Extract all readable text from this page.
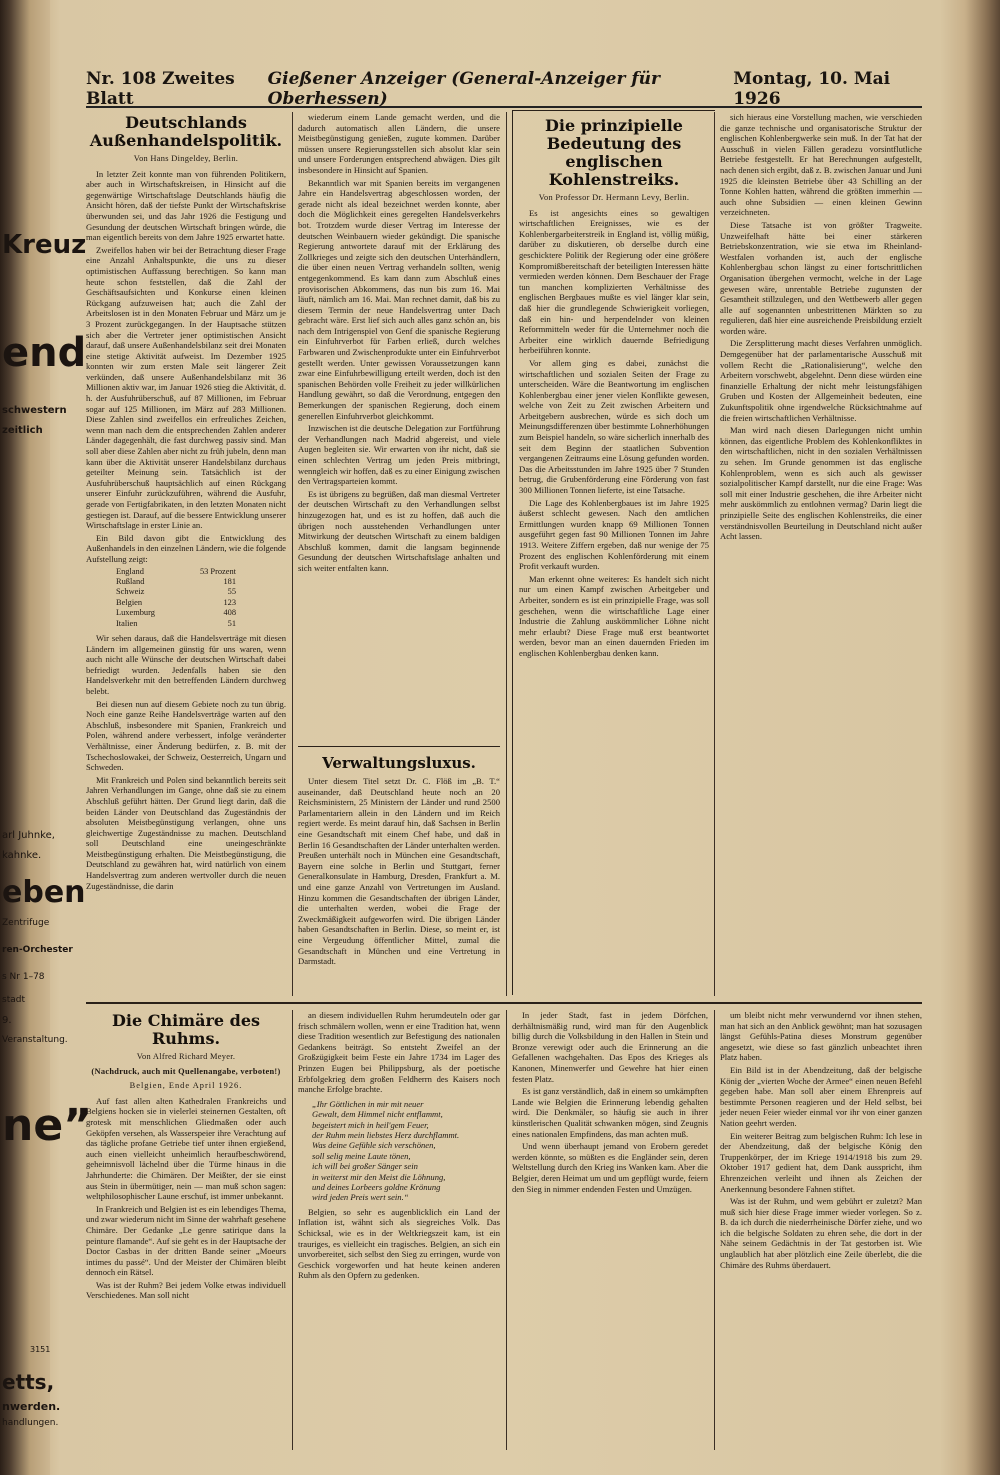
Kreuz
end
schwestern
zeitlich
arl Juhnke,
kahnke.
eben
Zentrifuge
ren-Orchester
s Nr 1–78
stadt
9.
Veranstaltung.
ne”
etts,
nwerden.
handlungen.
3151
Nr. 108 Zweites Blatt
Gießener Anzeiger (General-Anzeiger für Oberhessen)
Montag, 10. Mai 1926
Deutschlands Außenhandelspolitik.
Von Hans Dingeldey, Berlin.

In letzter Zeit konnte man von führenden Politikern, aber auch in Wirtschaftskreisen, in Hinsicht auf die gegenwärtige Wirtschaftslage Deutschlands häufig die Ansicht hören, daß der tiefste Punkt der Wirtschaftskrise überwunden sei, und das Jahr 1926 die Festigung und Gesundung der deutschen Wirtschaft bringen würde, die man eigentlich bereits von dem Jahre 1925 erwartet hatte.

Zweifellos haben wir bei der Betrachtung dieser Frage eine Anzahl Anhaltspunkte, die uns zu dieser optimistischen Auffassung berechtigen. So kann man heute schon feststellen, daß die Zahl der Geschäftsaufsichten und Konkurse einen kleinen Rückgang aufzuweisen hat; auch die Zahl der Arbeitslosen ist in den Monaten Februar und März um je 3 Prozent zurückgegangen. In der Hauptsache stützen sich aber die Vertreter jener optimistischen Ansicht darauf, daß unsere Außenhandelsbilanz seit drei Monaten eine stetige Aktivität aufweist. Im Dezember 1925 konnten wir zum ersten Male seit längerer Zeit verkünden, daß unsere Außenhandelsbilanz mit 36 Millionen aktiv war, im Januar 1926 stieg die Aktivität, d. h. der Ausfuhrüberschuß, auf 87 Millionen, im Februar sogar auf 125 Millionen, im März auf 283 Millionen. Diese Zahlen sind zweifellos ein erfreuliches Zeichen, wenn man nach dem die entsprechenden Zahlen anderer Länder dagegenhält, die fast durchweg passiv sind. Man soll aber diese Zahlen aber nicht zu früh jubeln, denn man kann über die Aktivität unserer Handelsbilanz durchaus geteilter Meinung sein. Tatsächlich ist der Ausfuhrüberschuß hauptsächlich auf einen Rückgang unserer Einfuhr zurückzuführen, während die Ausfuhr, gerade von Fertigfabrikaten, in den letzten Monaten nicht gestiegen ist. Darauf, auf die bessere Entwicklung unserer Wirtschaftslage in erster Linie an.

Ein Bild davon gibt die Entwicklung des Außenhandels in den einzelnen Ländern, wie die folgende Aufstellung zeigt:

England	53 Prozent
Rußland	181
Schweiz	55
Belgien	123
Luxemburg	408
Italien	51

Wir sehen daraus, daß die Handelsverträge mit diesen Ländern im allgemeinen günstig für uns waren, wenn auch nicht alle Wünsche der deutschen Wirtschaft dabei befriedigt wurden. Jedenfalls haben sie den Handelsverkehr mit den betreffenden Ländern durchweg belebt.

Bei diesen nun auf diesem Gebiete noch zu tun übrig. Noch eine ganze Reihe Handelsverträge warten auf den Abschluß, insbesondere mit Spanien, Frankreich und Polen, während andere verbessert, infolge veränderter Verhältnisse, einer Änderung bedürfen, z. B. mit der Tschechoslowakei, der Schweiz, Oesterreich, Ungarn und Schweden.

Mit Frankreich und Polen sind bekanntlich bereits seit Jahren Verhandlungen im Gange, ohne daß sie zu einem Abschluß geführt hätten. Der Grund liegt darin, daß die beiden Länder von Deutschland das Zugeständnis der absoluten Meistbegünstigung verlangen, ohne uns gleichwertige Zugeständnisse zu machen. Deutschland soll Deutschland eine uneingeschränkte Meistbegünstigung erhalten. Die Meistbegünstigung, die Deutschland zu gewähren hat, wird natürlich von einem Handelsvertrag zum anderen wertvoller durch die neuen Zugeständnisse, die darin

wiederum einem Lande gemacht werden, und die dadurch automatisch allen Ländern, die unsere Meistbegünstigung genießen, zugute kommen. Darüber müssen unsere Regierungsstellen sich absolut klar sein und unsere Forderungen entsprechend abwägen. Dies gilt insbesondere in Hinsicht auf Spanien.

Bekanntlich war mit Spanien bereits im vergangenen Jahre ein Handelsvertrag abgeschlossen worden, der gerade nicht als ideal bezeichnet werden konnte, aber doch die Möglichkeit eines geregelten Handelsverkehrs bot. Trotzdem wurde dieser Vertrag im Interesse der deutschen Weinbauern wieder gekündigt. Die spanische Regierung antwortete darauf mit der Erklärung des Zollkrieges und zeigte sich den deutschen Unterhändlern, die über einen neuen Vertrag verhandeln sollten, wenig entgegenkommend. Es kam dann zum Abschluß eines provisorischen Abkommens, das nun bis zum 16. Mai läuft, nämlich am 16. Mai. Man rechnet damit, daß bis zu diesem Termin der neue Handelsvertrag unter Dach gebracht wäre. Erst lief sich auch alles ganz schön an, bis nach dem Intrigenspiel von Genf die spanische Regierung ein Einfuhrverbot für Farben erließ, durch welches Farbwaren und Zwischenprodukte unter ein Einfuhrverbot gestellt werden. Unter gewissen Voraussetzungen kann zwar eine Einfuhrbewilligung erteilt werden, doch ist den spanischen Behörden volle Freiheit zu jeder willkürlichen Handlung gewährt, so daß die Verordnung, entgegen den Bemerkungen der spanischen Regierung, doch einem generellen Einfuhrverbot gleichkommt.

Inzwischen ist die deutsche Delegation zur Fortführung der Verhandlungen nach Madrid abgereist, und viele Augen begleiten sie. Wir erwarten von ihr nicht, daß sie einen schlechten Vertrag um jeden Preis mitbringt, wenngleich wir hoffen, daß es zu einer Einigung zwischen den Vertragsparteien kommt.

Es ist übrigens zu begrüßen, daß man diesmal Vertreter der deutschen Wirtschaft zu den Verhandlungen selbst hinzugezogen hat, und es ist zu hoffen, daß auch die übrigen noch ausstehenden Verhandlungen unter Mitwirkung der deutschen Wirtschaft zu einem baldigen Abschluß kommen, damit die langsam beginnende Gesundung der deutschen Wirtschaftslage anhalten und sich weiter entfalten kann.

Verwaltungsluxus.

Unter diesem Titel setzt Dr. C. Flöß im „B. T.“ auseinander, daß Deutschland heute noch an 20 Reichsministern, 25 Ministern der Länder und rund 2500 Parlamentariern allein in den Ländern und im Reich regiert werde. Es meint darauf hin, daß Sachsen in Berlin eine Gesandtschaft mit einem Chef habe, und daß in Berlin 16 Gesandtschaften der Länder unterhalten werden. Preußen unterhält noch in München eine Gesandtschaft, Bayern eine solche in Berlin und Stuttgart, ferner Generalkonsulate in Hamburg, Dresden, Frankfurt a. M. und eine ganze Anzahl von Vertretungen im Ausland. Hinzu kommen die Gesandtschaften der übrigen Länder, die unterhalten werden, wobei die Frage der Zweckmäßigkeit aufgeworfen wird. Die übrigen Länder haben Gesandtschaften in Berlin. Diese, so meint er, ist eine Vergeudung öffentlicher Mittel, zumal die Gesandtschaft in München und eine Vertretung in Darmstadt.

Die prinzipielle Bedeutung des englischen Kohlenstreiks.
Von Professor Dr. Hermann Levy, Berlin.

Es ist angesichts eines so gewaltigen wirtschaftlichen Ereignisses, wie es der Kohlenbergarbeiterstreik in England ist, völlig müßig, darüber zu diskutieren, ob derselbe durch eine geschicktere Politik der Regierung oder eine größere Kompromißbereitschaft der beteiligten Interessen hätte vermieden werden können. Dem Beschauer der Frage tun manchen komplizierten Verhältnisse des englischen Bergbaues mußte es viel länger klar sein, daß hier die grundlegende Schwierigkeit vorliegen, daß ein hin- und herpendelnder von kleinen Reformmitteln weder für die Unternehmer noch die Arbeiter eine wirklich dauernde Befriedigung herbeiführen konnte.

Vor allem ging es dabei, zunächst die wirtschaftlichen und sozialen Seiten der Frage zu unterscheiden. Wäre die Beantwortung im englischen Kohlenbergbau einer jener vielen Konflikte gewesen, welche von Zeit zu Zeit zwischen Arbeitern und Arbeitgebern ausbrechen, würde es sich doch um Meinungsdifferenzen über bestimmte Lohnerhöhungen zum Beispiel handeln, so wäre sicherlich innerhalb des seit dem Beginn der staatlichen Subvention vergangenen Zeitraums eine Lösung gefunden worden. Das die Arbeitsstunden im Jahre 1925 über 7 Stunden betrug, die Grubenförderung eine Förderung von fast 300 Millionen Tonnen lieferte, ist eine Tatsache.

Die Lage des Kohlenbergbaues ist im Jahre 1925 äußerst schlecht gewesen. Nach den amtlichen Ermittlungen wurden knapp 69 Millionen Tonnen ausgeführt gegen fast 90 Millionen Tonnen im Jahre 1913. Weitere Ziffern ergeben, daß nur wenige der 75 Prozent des englischen Kohlenförderung mit einem Profit verkauft wurden.

Man erkennt ohne weiteres: Es handelt sich nicht nur um einen Kampf zwischen Arbeitgeber und Arbeiter, sondern es ist ein prinzipielle Frage, was soll geschehen, wenn die wirtschaftliche Lage einer Industrie die Zahlung auskömmlicher Löhne nicht mehr erlaubt? Diese Frage muß erst beantwortet werden, bevor man an einen dauernden Frieden im englischen Kohlenbergbau denken kann.

sich hieraus eine Vorstellung machen, wie verschieden die ganze technische und organisatorische Struktur der englischen Kohlenbergwerke sein muß. In der Tat hat der Ausschuß in vielen Fällen geradezu vorsintflutliche Betriebe festgestellt. Er hat Berechnungen aufgestellt, nach denen sich ergibt, daß z. B. zwischen Januar und Juni 1925 die kleinsten Betriebe über 43 Schilling an der Tonne Kohlen hatten, während die größten immerhin — auch ohne Subsidien — einen kleinen Gewinn verzeichneten.

Diese Tatsache ist von größter Tragweite. Unzweifelhaft hätte bei einer stärkeren Betriebskonzentration, wie sie etwa im Rheinland-Westfalen vorhanden ist, auch der englische Kohlenbergbau schon längst zu einer fortschrittlichen Organisation übergehen vermocht, welche in der Lage gewesen wäre, unrentable Betriebe zugunsten der Gesamtheit stillzulegen, und den Wettbewerb aller gegen alle auf sogenannten unbestrittenen Märkten so zu regulieren, daß hier eine ausreichende Preisbildung erzielt worden wäre.

Die Zersplitterung macht dieses Verfahren unmöglich. Demgegenüber hat der parlamentarische Ausschuß mit vollem Recht die „Rationalisierung“, welche den Arbeitern vorschwebt, abgelehnt. Denn diese würden eine finanzielle Erhaltung der nicht mehr leistungsfähigen Gruben und Kosten der Allgemeinheit bedeuten, eine Zukunftspolitik ohne irgendwelche Rücksichtnahme auf die freien wirtschaftlichen Verhältnisse.

Man wird nach diesen Darlegungen nicht umhin können, das eigentliche Problem des Kohlenkonfliktes in den wirtschaftlichen, nicht in den sozialen Verhältnissen zu sehen. Im Grunde genommen ist das englische Kohlenproblem, wenn es sich auch als gewisser sozialpolitischer Kampf darstellt, nur die eine Frage: Was soll mit einer Industrie geschehen, die ihre Arbeiter nicht mehr auskömmlich zu entlohnen vermag? Darin liegt die prinzipielle Seite des englischen Kohlenstreiks, die einer verständnisvollen Beurteilung in Deutschland nicht außer Acht lassen.

Die Chimäre des Ruhms.
Von Alfred Richard Meyer.
(Nachdruck, auch mit Quellenangabe, verboten!)
Belgien, Ende April 1926.

Auf fast allen alten Kathedralen Frankreichs und Belgiens hocken sie in vielerlei steinernen Gestalten, oft grotesk mit menschlichen Gliedmaßen oder auch Geköpfen versehen, als Wasserspeier ihre Verachtung auf das tägliche profane Getriebe tief unter ihnen ergießend, auch einen vielleicht unheimlich heraufbeschwörend, geheimnisvoll lächelnd über die Türme hinaus in die Jahrhunderte: die Chimären. Der Meißter, der sie einst aus Stein in übermütiger, nein — man muß schon sagen: weltphilosophischer Laune erschuf, ist immer unbekannt.

In Frankreich und Belgien ist es ein lebendiges Thema, und zwar wiederum nicht im Sinne der wahrhaft gesehene Chimäre. Der Gedanke „Le genre satirique dans la peinture flamande“. Auf sie geht es in der Hauptsache der Doctor Casbas in der dritten Bande seiner „Moeurs intimes du passé“. Und der Meister der Chimären bleibt dennoch ein Rätsel.

Was ist der Ruhm? Bei jedem Volke etwas individuell Verschiedenes. Man soll nicht

an diesem individuellen Ruhm herumdeuteln oder gar frisch schmälern wollen, wenn er eine Tradition hat, wenn diese Tradition wesentlich zur Befestigung des nationalen Gedankens beiträgt. So entsteht Zweifel an der Großzügigkeit beim Feste ein Jahre 1734 im Lager des Prinzen Eugen bei Philippsburg, als der poetische Erbfolgekrieg dem großen Feldherrn des Kaisers noch manche Erfolge brachte.

„Ihr Göttlichen in mir mit neuer
Gewalt, dem Himmel nicht entflammt,
begeistert mich in heil'gem Feuer,
der Ruhm mein liebstes Herz durchflammt.
Was deine Gefühle sich verschönen,
soll selig meine Laute tönen,
ich will bei großer Sänger sein
in weiterst mir den Meist die Löhnung,
und deines Lorbeers goldne Krönung
wird jeden Preis wert sein.“

Belgien, so sehr es augenblicklich ein Land der Inflation ist, wähnt sich als siegreiches Volk. Das Schicksal, wie es in der Weltkriegszeit kam, ist ein trauriges, es vielleicht ein tragisches. Belgien, an sich ein unvorbereitet, sich selbst den Sieg zu erringen, wurde von Geschick vorgeworfen und hat heute keinen anderen Ruhm als den Opfern zu gedenken.

In jeder Stadt, fast in jedem Dörfchen, derhältnismäßig rund, wird man für den Augenblick billig durch die Volksbildung in den Hallen in Stein und Bronze verewigt oder auch die Erinnerung an die Gefallenen wachgehalten. Das Epos des Krieges als Kanonen, Minenwerfer und Gewehre hat hier einen festen Platz.

Es ist ganz verständlich, daß in einem so umkämpften Lande wie Belgien die Erinnerung lebendig gehalten wird. Die Denkmäler, so häufig sie auch in ihrer künstlerischen Qualität schwanken mögen, sind Zeugnis eines nationalen Empfindens, das man achten muß.

Und wenn überhaupt jemand von Erobern geredet werden könnte, so müßten es die Engländer sein, deren Weltstellung durch den Krieg ins Wanken kam. Aber die Belgier, deren Heimat um und um gepflügt wurde, feiern den Sieg in nimmer endenden Festen und Umzügen.

um bleibt nicht mehr verwundernd vor ihnen stehen, man hat sich an den Anblick gewöhnt; man hat sozusagen längst Gefühls-Patina dieses Monstrum gegenüber angesetzt, wie diese so fast gänzlich unbeachtet ihren Platz haben.

Ein Bild ist in der Abendzeitung, daß der belgische König der „vierten Woche der Armee“ einen neuen Befehl gegeben habe. Man soll aber einem Ehrenpreis auf bestimmte Personen reagieren und der Held selbst, bei jeder neuen Feier wieder einmal vor ihr von einer ganzen Nation geehrt werden.

Ein weiterer Beitrag zum belgischen Ruhm: Ich lese in der Abendzeitung, daß der belgische König den Truppenkörper, der im Kriege 1914/1918 bis zum 29. Oktober 1917 gedient hat, dem Dank ausspricht, ihm Ehrenzeichen verleiht und ihnen als Zeichen der Anerkennung besondere Fahnen stiftet.

Was ist der Ruhm, und wem gebührt er zuletzt? Man muß sich hier diese Frage immer wieder vorlegen. So z. B. da ich durch die niederrheinische Dörfer ziehe, und wo ich die belgische Soldaten zu ehren sehe, die dort in der Nähe seinem Gedächtnis in der Tat gestorben ist. Wie unglaublich hat aber plötzlich eine Zeile überlebt, die die Chimäre des Ruhms überdauert.
